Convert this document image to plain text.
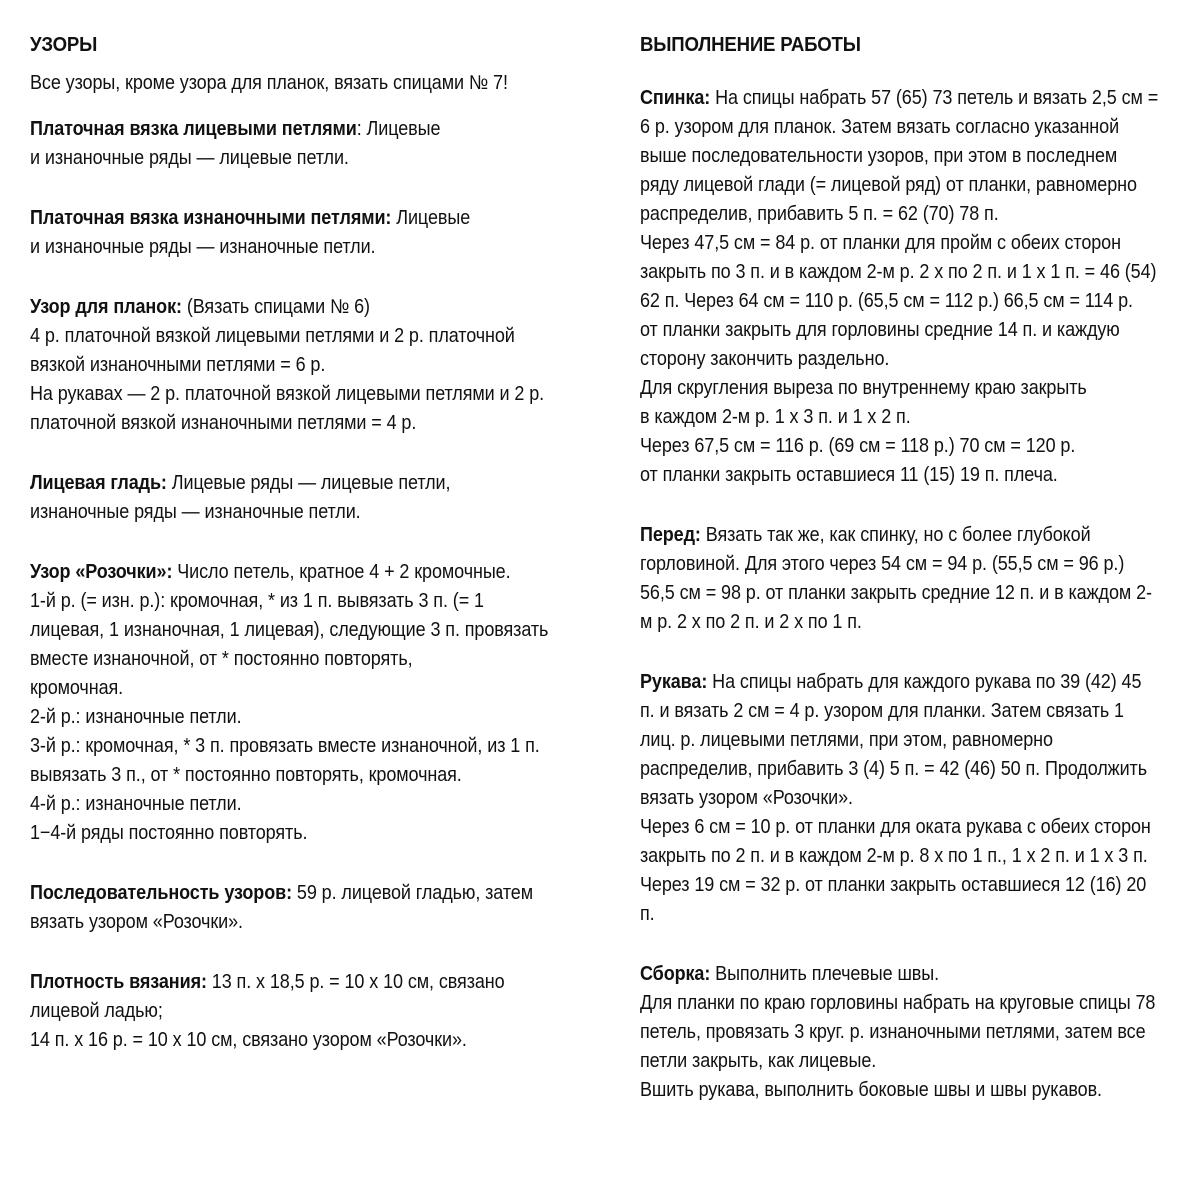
УЗОРЫ
Все узоры, кроме узора для планок, вязать спицами № 7!
Платочная вязка лицевыми петлями: Лицевые
и изнаночные ряды — лицевые петли.
Платочная вязка изнаночными петлями: Лицевые
и изнаночные ряды — изнаночные петли.
Узор для планок: (Вязать спицами № 6)
4 р. платочной вязкой лицевыми петлями и 2 р. платочной
вязкой изнаночными петлями = 6 р.
На рукавах — 2 р. платочной вязкой лицевыми петлями и 2 р.
платочной вязкой изнаночными петлями = 4 р.
Лицевая гладь: Лицевые ряды — лицевые петли,
изнаночные ряды — изнаночные петли.
Узор «Розочки»: Число петель, кратное 4 + 2 кромочные.
1-й р. (= изн. р.): кромочная, * из 1 п. вывязать 3 п. (= 1
лицевая, 1 изнаночная, 1 лицевая), следующие 3 п. провязать
вместе изнаночной, от * постоянно повторять,
кромочная.
2-й р.: изнаночные петли.
3-й р.: кромочная, * 3 п. провязать вместе изнаночной, из 1 п.
вывязать 3 п., от * постоянно повторять, кромочная.
4-й р.: изнаночные петли.
1−4-й ряды постоянно повторять.
Последовательность узоров: 59 р. лицевой гладью, затем
вязать узором «Розочки».
Плотность вязания: 13 п. x 18,5 р. = 10 x 10 см, связано
лицевой ладью;
14 п. x 16 р. = 10 x 10 см, связано узором «Розочки».
ВЫПОЛНЕНИЕ РАБОТЫ
Спинка: На спицы набрать 57 (65) 73 петель и вязать 2,5 см =
6 р. узором для планок. Затем вязать согласно указанной
выше последовательности узоров, при этом в последнем
ряду лицевой глади (= лицевой ряд) от планки, равномерно
распределив, прибавить 5 п. = 62 (70) 78 п.
Через 47,5 см = 84 р. от планки для пройм с обеих сторон
закрыть по 3 п. и в каждом 2-м р. 2 х по 2 п. и 1 х 1 п. = 46 (54)
62 п. Через 64 см = 110 р. (65,5 см = 112 р.) 66,5 см = 114 р.
от планки закрыть для горловины средние 14 п. и каждую
сторону закончить раздельно.
Для скругления выреза по внутреннему краю закрыть
в каждом 2-м р. 1 х 3 п. и 1 х 2 п.
Через 67,5 см = 116 р. (69 см = 118 р.) 70 см = 120 р.
от планки закрыть оставшиеся 11 (15) 19 п. плеча.
Перед: Вязать так же, как спинку, но с более глубокой
горловиной. Для этого через 54 см = 94 р. (55,5 см = 96 р.)
56,5 см = 98 р. от планки закрыть средние 12 п. и в каждом 2-
м р. 2 х по 2 п. и 2 х по 1 п.
Рукава: На спицы набрать для каждого рукава по 39 (42) 45
п. и вязать 2 см = 4 р. узором для планки. Затем связать 1
лиц. р. лицевыми петлями, при этом, равномерно
распределив, прибавить 3 (4) 5 п. = 42 (46) 50 п. Продолжить
вязать узором «Розочки».
Через 6 см = 10 р. от планки для оката рукава с обеих сторон
закрыть по 2 п. и в каждом 2-м р. 8 х по 1 п., 1 х 2 п. и 1 х 3 п.
Через 19 см = 32 р. от планки закрыть оставшиеся 12 (16) 20
п.
Сборка: Выполнить плечевые швы.
Для планки по краю горловины набрать на круговые спицы 78
петель, провязать 3 круг. р. изнаночными петлями, затем все
петли закрыть, как лицевые.
Вшить рукава, выполнить боковые швы и швы рукавов.
